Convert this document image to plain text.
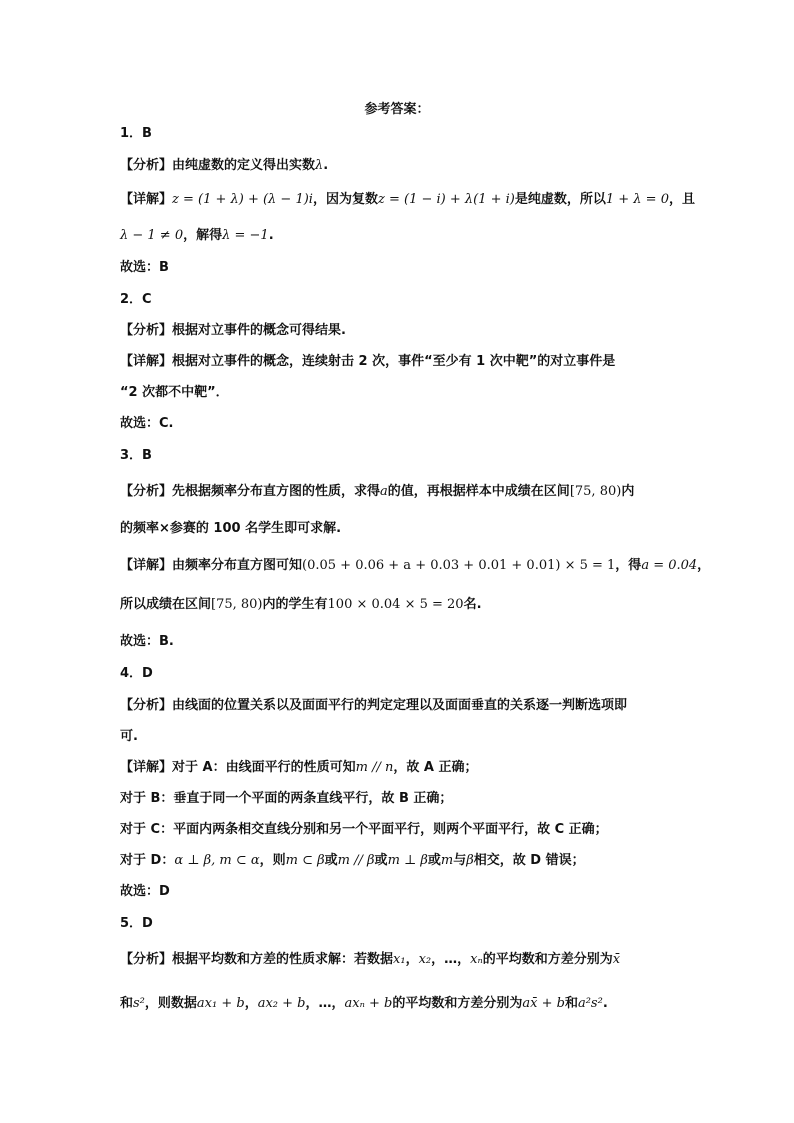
参考答案：
1．B
【分析】由纯虚数的定义得出实数λ.
【详解】z = (1 + λ) + (λ − 1)i，因为复数z = (1 − i) + λ(1 + i)是纯虚数，所以1 + λ = 0，且
λ − 1 ≠ 0，解得λ = −1.
故选：B
2．C
【分析】根据对立事件的概念可得结果.
【详解】根据对立事件的概念，连续射击 2 次，事件“至少有 1 次中靶”的对立事件是
“2 次都不中靶”．
故选：C.
3．B
【分析】先根据频率分布直方图的性质，求得a的值，再根据样本中成绩在区间[75, 80)内
的频率×参赛的 100 名学生即可求解.
【详解】由频率分布直方图可知(0.05 + 0.06 + a + 0.03 + 0.01 + 0.01) × 5 = 1，得a = 0.04，
所以成绩在区间[75, 80)内的学生有100 × 0.04 × 5 = 20名.
故选：B.
4．D
【分析】由线面的位置关系以及面面平行的判定定理以及面面垂直的关系逐一判断选项即
可.
【详解】对于 A：由线面平行的性质可知m // n，故 A 正确；
对于 B：垂直于同一个平面的两条直线平行，故 B 正确；
对于 C：平面内两条相交直线分别和另一个平面平行，则两个平面平行，故 C 正确；
对于 D：α ⊥ β, m ⊂ α，则m ⊂ β或m // β或m ⊥ β或m与β相交，故 D 错误；
故选：D
5．D
【分析】根据平均数和方差的性质求解：若数据x₁，x₂，…，xₙ的平均数和方差分别为x̄
和s²，则数据ax₁ + b，ax₂ + b，…，axₙ + b的平均数和方差分别为ax̄ + b和a²s².
